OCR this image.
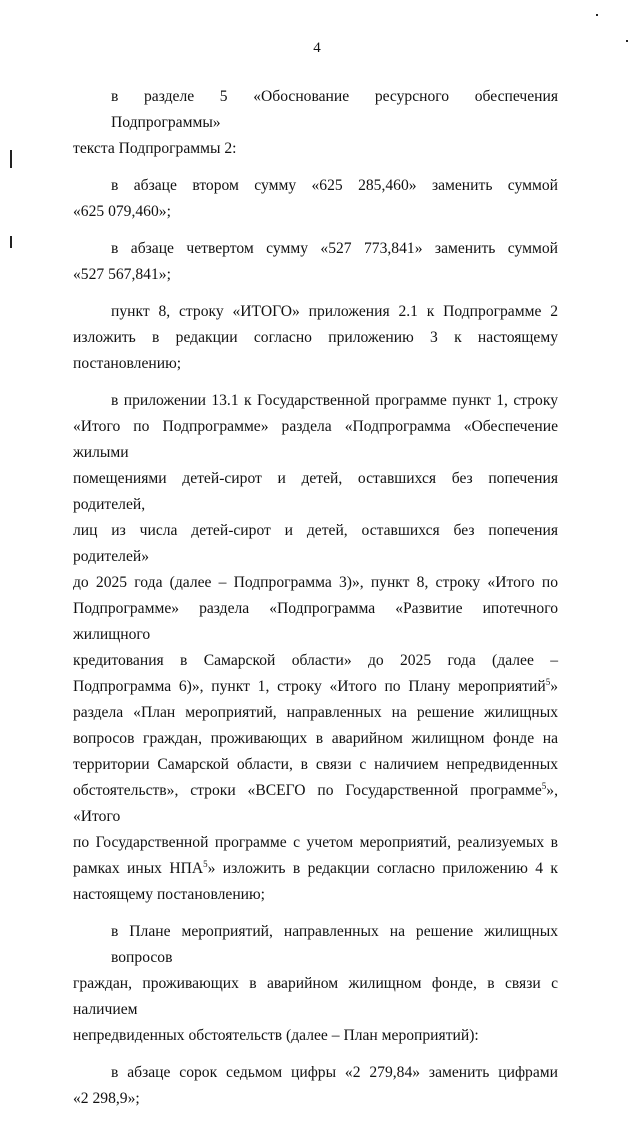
4

в разделе 5 «Обоснование ресурсного обеспечения Подпрограммы»
текста Подпрограммы 2:

в абзаце втором сумму «625 285,460» заменить суммой
«625 079,460»;

в абзаце четвертом сумму «527 773,841» заменить суммой
«527 567,841»;

пункт 8, строку «ИТОГО» приложения 2.1 к Подпрограмме 2
изложить в редакции согласно приложению 3 к настоящему
постановлению;

в приложении 13.1 к Государственной программе пункт 1, строку
«Итого по Подпрограмме» раздела «Подпрограмма «Обеспечение жилыми
помещениями детей-сирот и детей, оставшихся без попечения родителей,
лиц из числа детей-сирот и детей, оставшихся без попечения родителей»
до 2025 года (далее – Подпрограмма 3)», пункт 8, строку «Итого по
Подпрограмме» раздела «Подпрограмма «Развитие ипотечного жилищного
кредитования в Самарской области» до 2025 года (далее –
Подпрограмма 6)», пункт 1, строку «Итого по Плану мероприятий$^5$»
раздела «План мероприятий, направленных на решение жилищных
вопросов граждан, проживающих в аварийном жилищном фонде на
территории Самарской области, в связи с наличием непредвиденных
обстоятельств», строки «ВСЕГО по Государственной программе$^5$», «Итого
по Государственной программе с учетом мероприятий, реализуемых в
рамках иных НПА$^5$» изложить в редакции согласно приложению 4 к
настоящему постановлению;

в Плане мероприятий, направленных на решение жилищных вопросов
граждан, проживающих в аварийном жилищном фонде, в связи с наличием
непредвиденных обстоятельств (далее – План мероприятий):

в абзаце сорок седьмом цифры «2 279,84» заменить цифрами
«2 298,9»;
